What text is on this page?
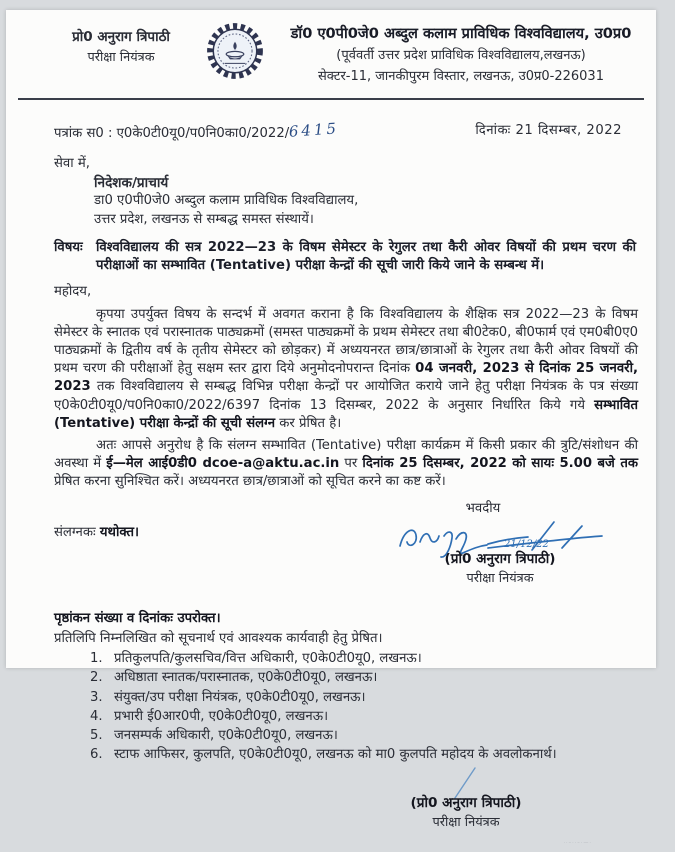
प्रो0 अनुराग त्रिपाठी
परीक्षा नियंत्रक
डॉ0 ए0पी0जे0 अब्दुल कलाम प्राविधिक विश्वविद्यालय, उ0प्र0
(पूर्ववर्ती उत्तर प्रदेश प्राविधिक विश्वविद्यालय,लखनऊ)
सेक्टर-11, जानकीपुरम विस्तार, लखनऊ, उ0प्र0-226031
पत्रांक स0 : ए0के0टी0यू0/प0नि0का0/2022/6415	दिनांकः 21 दिसम्बर, 2022
सेवा में,
निदेशक/प्राचार्य
डा0 ए0पी0जे0 अब्दुल कलाम प्राविधिक विश्वविद्यालय,
उत्तर प्रदेश, लखनऊ से सम्बद्ध समस्त संस्थायें।
विषयः	विश्वविद्यालय की सत्र 2022—23 के विषम सेमेस्टर के रेगुलर तथा कैरी ओवर विषयों की प्रथम चरण की परीक्षाओं का सम्भावित (Tentative) परीक्षा केन्द्रों की सूची जारी किये जाने के सम्बन्ध में।
महोदय,
कृपया उपर्युक्त विषय के सन्दर्भ में अवगत कराना है कि विश्वविद्यालय के शैक्षिक सत्र 2022—23 के विषम सेमेस्टर के स्नातक एवं परास्नातक पाठ्यक्रमों (समस्त पाठ्यक्रमों के प्रथम सेमेस्टर तथा बी0टेक0, बी0फार्म एवं एम0बी0ए0 पाठ्यक्रमों के द्वितीय वर्ष के तृतीय सेमेस्टर को छोड़कर) में अध्ययनरत छात्र/छात्राओं के रेगुलर तथा कैरी ओवर विषयों की प्रथम चरण की परीक्षाओं हेतु सक्षम स्तर द्वारा दिये अनुमोदनोपरान्त दिनांक 04 जनवरी, 2023 से दिनांक 25 जनवरी, 2023 तक विश्वविद्यालय से सम्बद्ध विभिन्न परीक्षा केन्द्रों पर आयोजित कराये जाने हेतु परीक्षा नियंत्रक के पत्र संख्या ए0के0टी0यू0/प0नि0का0/2022/6397 दिनांक 13 दिसम्बर, 2022 के अनुसार निर्धारित किये गये सम्भावित (Tentative) परीक्षा केन्द्रों की सूची संलग्न कर प्रेषित है।
अतः आपसे अनुरोध है कि संलग्न सम्भावित (Tentative) परीक्षा कार्यक्रम में किसी प्रकार की त्रुटि/संशोधन की अवस्था में ई—मेल आई0डी0 dcoe-a@aktu.ac.in पर दिनांक 25 दिसम्बर, 2022 को सायः 5.00 बजे तक प्रेषित करना सुनिश्चित करें। अध्ययनरत छात्र/छात्राओं को सूचित करने का कष्ट करें।
संलग्नकः यथोक्त।
भवदीय
21/12/22
(प्रो0 अनुराग त्रिपाठी)
परीक्षा नियंत्रक
पृष्ठांकन संख्या व दिनांकः उपरोक्त।
प्रतिलिपि निम्नलिखित को सूचनार्थ एवं आवश्यक कार्यवाही हेतु प्रेषित।
1. प्रतिकुलपति/कुलसचिव/वित्त अधिकारी, ए0के0टी0यू0, लखनऊ।
2. अधिष्ठाता स्नातक/परास्नातक, ए0के0टी0यू0, लखनऊ।
3. संयुक्त/उप परीक्षा नियंत्रक, ए0के0टी0यू0, लखनऊ।
4. प्रभारी ई0आर0पी, ए0के0टी0यू0, लखनऊ।
5. जनसम्पर्क अधिकारी, ए0के0टी0यू0, लखनऊ।
6. स्टाफ आफिसर, कुलपति, ए0के0टी0यू0, लखनऊ को मा0 कुलपति महोदय के अवलोकनार्थ।
(प्रो0 अनुराग त्रिपाठी)
परीक्षा नियंत्रक
··–··–·—·
